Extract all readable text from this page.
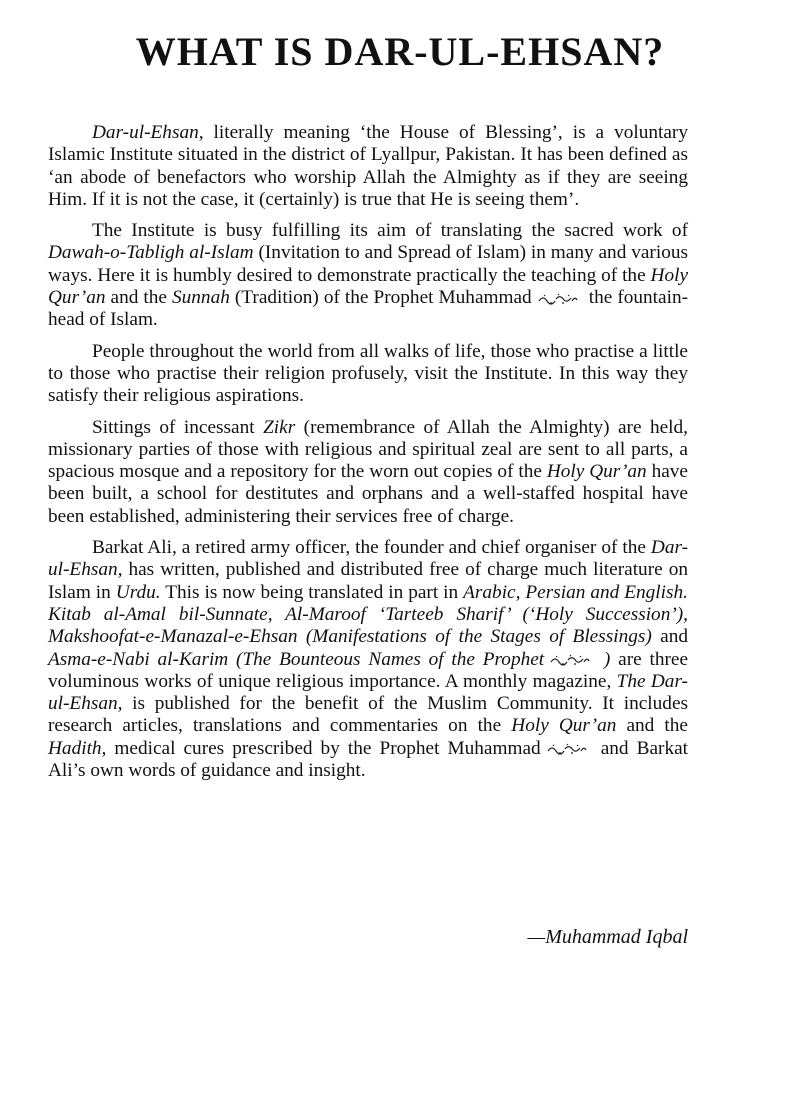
WHAT IS DAR-UL-EHSAN?

Dar-ul-Ehsan, literally meaning ‘the House of Blessing’, is a voluntary Islamic Institute situated in the district of Lyallpur, Pakistan. It has been defined as ‘an abode of benefactors who worship Allah the Almighty as if they are seeing Him. If it is not the case, it (certainly) is true that He is seeing them’.

The Institute is busy fulfilling its aim of translating the sacred work of Dawah-o-Tabligh al-Islam (Invitation to and Spread of Islam) in many and various ways. Here it is humbly desired to demonstrate practically the teaching of the Holy Qur’an and the Sunnah (Tradition) of the Prophet Muhammad	the fountain-head of Islam.

People throughout the world from all walks of life, those who practise a little to those who practise their religion profusely, visit the Institute. In this way they satisfy their religious aspirations.

Sittings of incessant Zikr (remembrance of Allah the Almighty) are held, missionary parties of those with religious and spiritual zeal are sent to all parts, a spacious mosque and a repository for the worn out copies of the Holy Qur’an have been built, a school for destitutes and orphans and a well-staffed hospital have been established, administering their services free of charge.

Barkat Ali, a retired army officer, the founder and chief organiser of the Dar-ul-Ehsan, has written, published and distributed free of charge much literature on Islam in Urdu. This is now being translated in part in Arabic, Persian and English. Kitab al-Amal bil-Sunnate, Al-Maroof ‘Tarteeb Sharif’ (‘Holy Succession’), Makshoofat-e-Manazal-e-Ehsan (Manifestations of the Stages of Blessings) and Asma-e-Nabi al-Karim (The Bounteous Names of the Prophet	) are three voluminous works of unique religious importance. A monthly magazine, The Dar-ul-Ehsan, is published for the benefit of the Muslim Community. It includes research articles, translations and commentaries on the Holy Qur’an and the Hadith, medical cures prescribed by the Prophet Muhammad	and Barkat Ali’s own words of guidance and insight.

—Muhammad Iqbal
